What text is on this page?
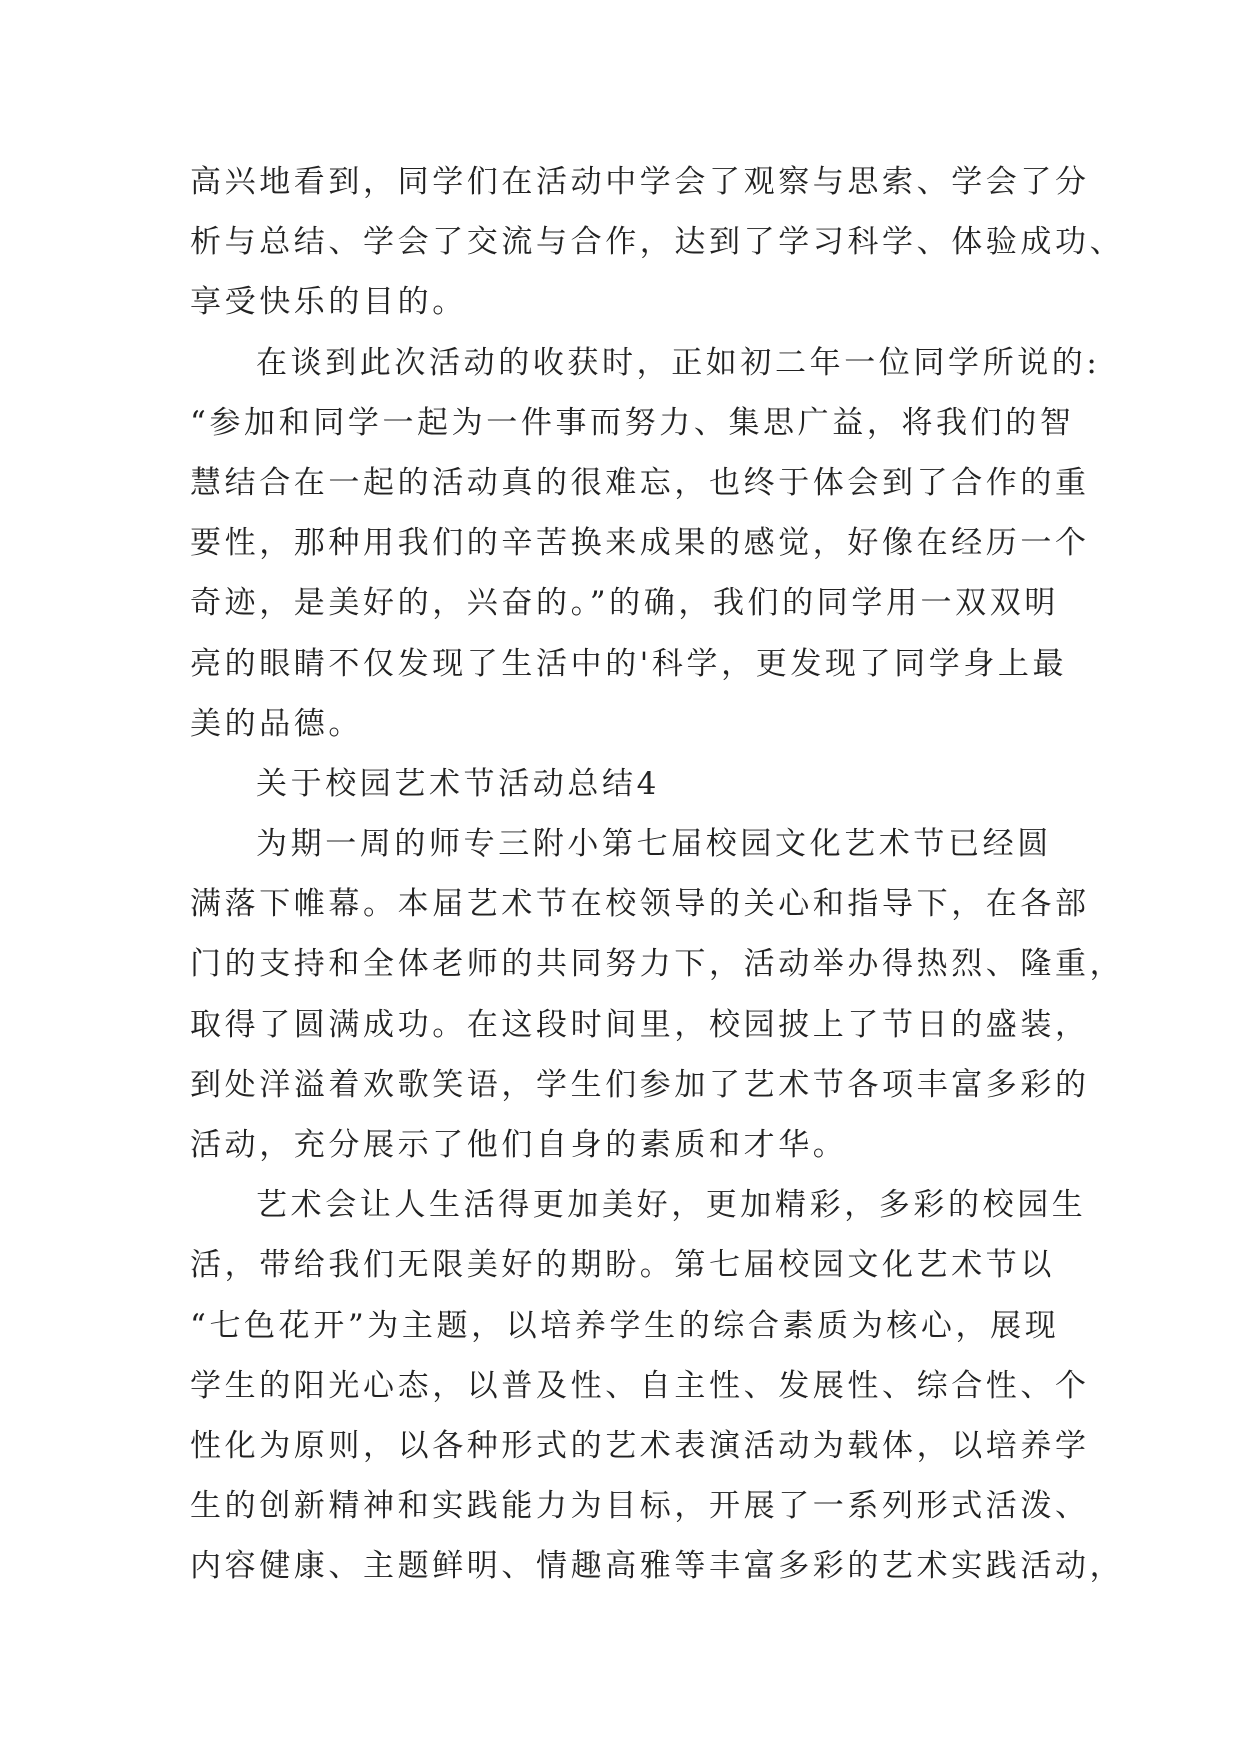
高兴地看到，同学们在活动中学会了观察与思索、学会了分
析与总结、学会了交流与合作，达到了学习科学、体验成功、
享受快乐的目的。
在谈到此次活动的收获时，正如初二年一位同学所说的:
“参加和同学一起为一件事而努力、集思广益，将我们的智
慧结合在一起的活动真的很难忘，也终于体会到了合作的重
要性，那种用我们的辛苦换来成果的感觉，好像在经历一个
奇迹，是美好的，兴奋的。”的确，我们的同学用一双双明
亮的眼睛不仅发现了生活中的'科学，更发现了同学身上最
美的品德。
关于校园艺术节活动总结4
为期一周的师专三附小第七届校园文化艺术节已经圆
满落下帷幕。本届艺术节在校领导的关心和指导下，在各部
门的支持和全体老师的共同努力下，活动举办得热烈、隆重，
取得了圆满成功。在这段时间里，校园披上了节日的盛装，
到处洋溢着欢歌笑语，学生们参加了艺术节各项丰富多彩的
活动，充分展示了他们自身的素质和才华。
艺术会让人生活得更加美好，更加精彩，多彩的校园生
活，带给我们无限美好的期盼。第七届校园文化艺术节以
“七色花开”为主题，以培养学生的综合素质为核心，展现
学生的阳光心态，以普及性、自主性、发展性、综合性、个
性化为原则，以各种形式的艺术表演活动为载体，以培养学
生的创新精神和实践能力为目标，开展了一系列形式活泼、
内容健康、主题鲜明、情趣高雅等丰富多彩的艺术实践活动，
